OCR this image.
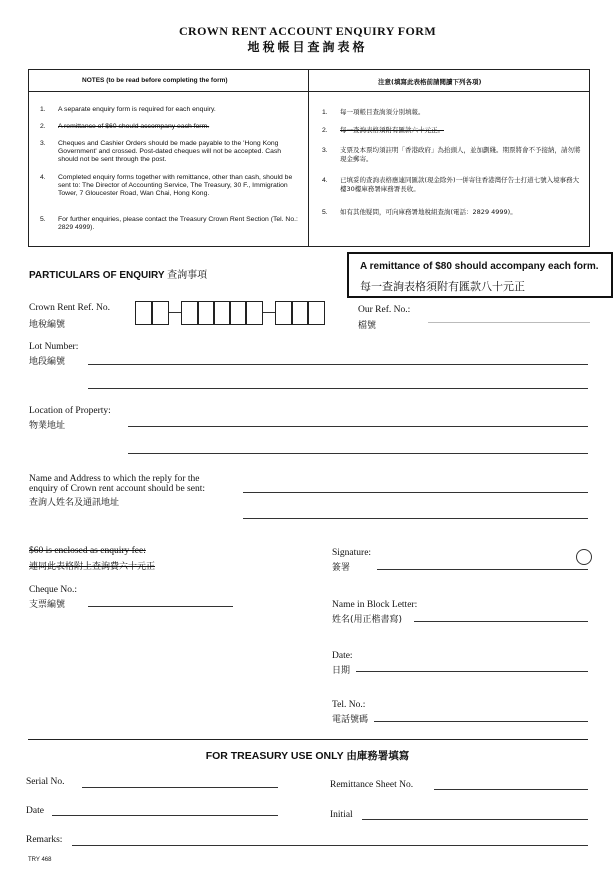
CROWN RENT ACCOUNT ENQUIRY FORM
地稅帳目查詢表格
NOTES (to be read before completing the form)	注意(填寫此表格前請閱讀下列各項)
1. A separate enquiry form is required for each enquiry.
2. A remittance of $60 should accompany each form.
3. Cheques and Cashier Orders should be made payable to the 'Hong Kong Government' and crossed. Post-dated cheques will not be accepted. Cash should not be sent through the post.
4. Completed enquiry forms together with remittance, other than cash, should be sent to: The Director of Accounting Service, The Treasury, 30 F., Immigration Tower, 7 Gloucester Road, Wan Chai, Hong Kong.
5. For further enquiries, please contact the Treasury Crown Rent Section (Tel. No.: 2829 4999).
1. 每一項帳目查詢須分別填報。
2. 每一查詢表格須附有匯款六十元正。
3. 支票及本票均須註明「香港政府」為抬頭人，並加劃綫。期票將會不予接納，請勿將現金郵寄。
4. 已填妥的查詢表格應連同匯款(現金除外)一併寄往香港灣仔告士打道七號入境事務大樓30樓庫務署庫務署長收。
5. 如有其他疑問，可向庫務署地稅組查詢(電話：2829 4999)。
A remittance of $80 should accompany each form.
每一查詢表格須附有匯款八十元正
PARTICULARS OF ENQUIRY 查詢事項
Crown Rent Ref. No.
地稅編號
Our Ref. No.:
檔號
Lot Number:
地段編號
Location of Property:
物業地址
Name and Address to which the reply for the
enquiry of Crown rent account should be sent:
查詢人姓名及通訊地址
$60 is enclosed as enquiry fee:
連同此表格附上查詢費六十元正
Cheque No.:
支票編號
Signature:
簽署
Name in Block Letter:
姓名(用正楷書寫)
Date:
日期
Tel. No.:
電話號碼
FOR TREASURY USE ONLY 由庫務署填寫
Serial No.	Remittance Sheet No.
Date	Initial
Remarks:
TRY 468
